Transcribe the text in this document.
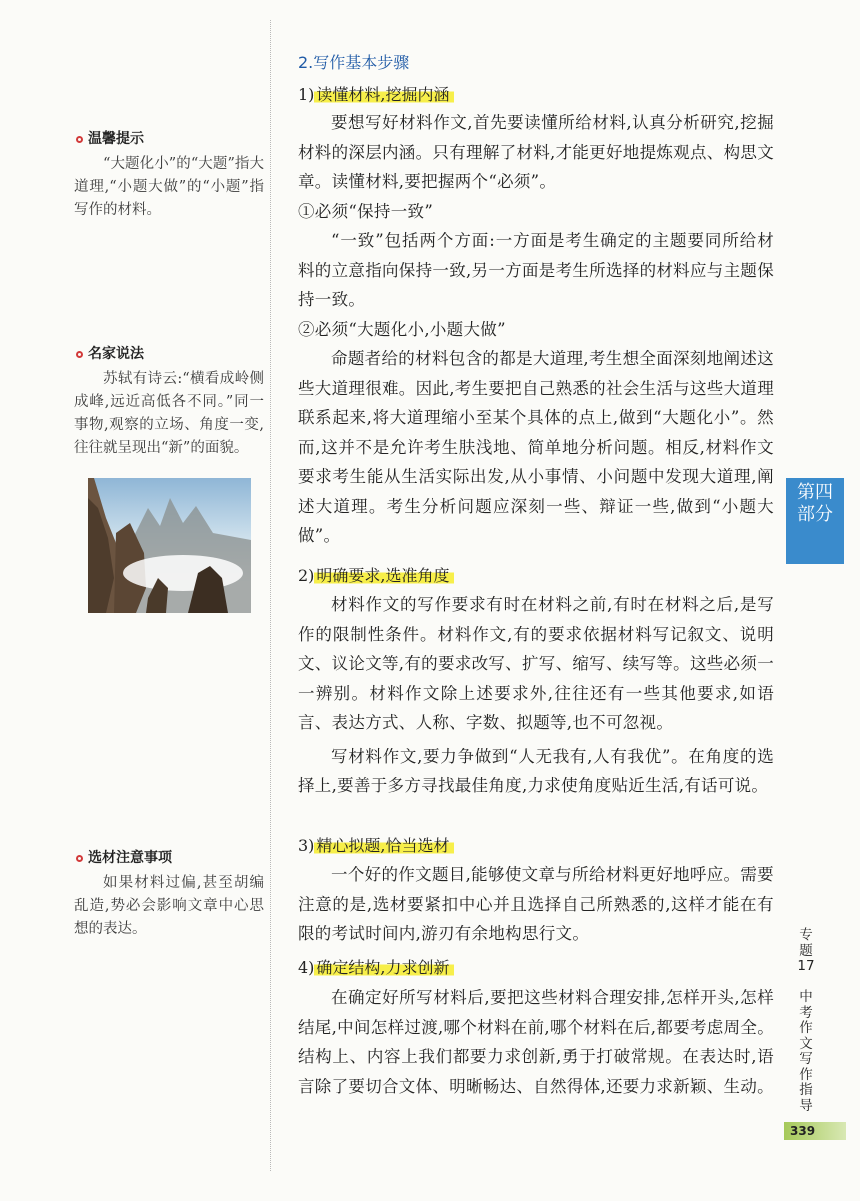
温馨提示
“大题化小”的“大题”指大道理,“小题大做”的“小题”指写作的材料。
名家说法
苏轼有诗云:“横看成岭侧成峰,远近高低各不同。”同一事物,观察的立场、角度一变,往往就呈现出“新”的面貌。
选材注意事项
如果材料过偏,甚至胡编乱造,势必会影响文章中心思想的表达。
2.写作基本步骤
1) 读懂材料,挖掘内涵
要想写好材料作文,首先要读懂所给材料,认真分析研究,挖掘材料的深层内涵。只有理解了材料,才能更好地提炼观点、构思文章。读懂材料,要把握两个“必须”。
①必须“保持一致”
“一致”包括两个方面:一方面是考生确定的主题要同所给材料的立意指向保持一致,另一方面是考生所选择的材料应与主题保持一致。
②必须“大题化小,小题大做”
命题者给的材料包含的都是大道理,考生想全面深刻地阐述这些大道理很难。因此,考生要把自己熟悉的社会生活与这些大道理联系起来,将大道理缩小至某个具体的点上,做到“大题化小”。然而,这并不是允许考生肤浅地、简单地分析问题。相反,材料作文要求考生能从生活实际出发,从小事情、小问题中发现大道理,阐述大道理。考生分析问题应深刻一些、辩证一些,做到“小题大做”。
2) 明确要求,选准角度
材料作文的写作要求有时在材料之前,有时在材料之后,是写作的限制性条件。材料作文,有的要求依据材料写记叙文、说明文、议论文等,有的要求改写、扩写、缩写、续写等。这些必须一一辨别。材料作文除上述要求外,往往还有一些其他要求,如语言、表达方式、人称、字数、拟题等,也不可忽视。
写材料作文,要力争做到“人无我有,人有我优”。在角度的选择上,要善于多方寻找最佳角度,力求使角度贴近生活,有话可说。
3) 精心拟题,恰当选材
一个好的作文题目,能够使文章与所给材料更好地呼应。需要注意的是,选材要紧扣中心并且选择自己所熟悉的,这样才能在有限的考试时间内,游刃有余地构思行文。
4) 确定结构,力求创新
在确定好所写材料后,要把这些材料合理安排,怎样开头,怎样结尾,中间怎样过渡,哪个材料在前,哪个材料在后,都要考虑周全。结构上、内容上我们都要力求创新,勇于打破常规。在表达时,语言除了要切合文体、明晰畅达、自然得体,还要力求新颖、生动。
第四
部分
专题17
中考作文写作指导
339
